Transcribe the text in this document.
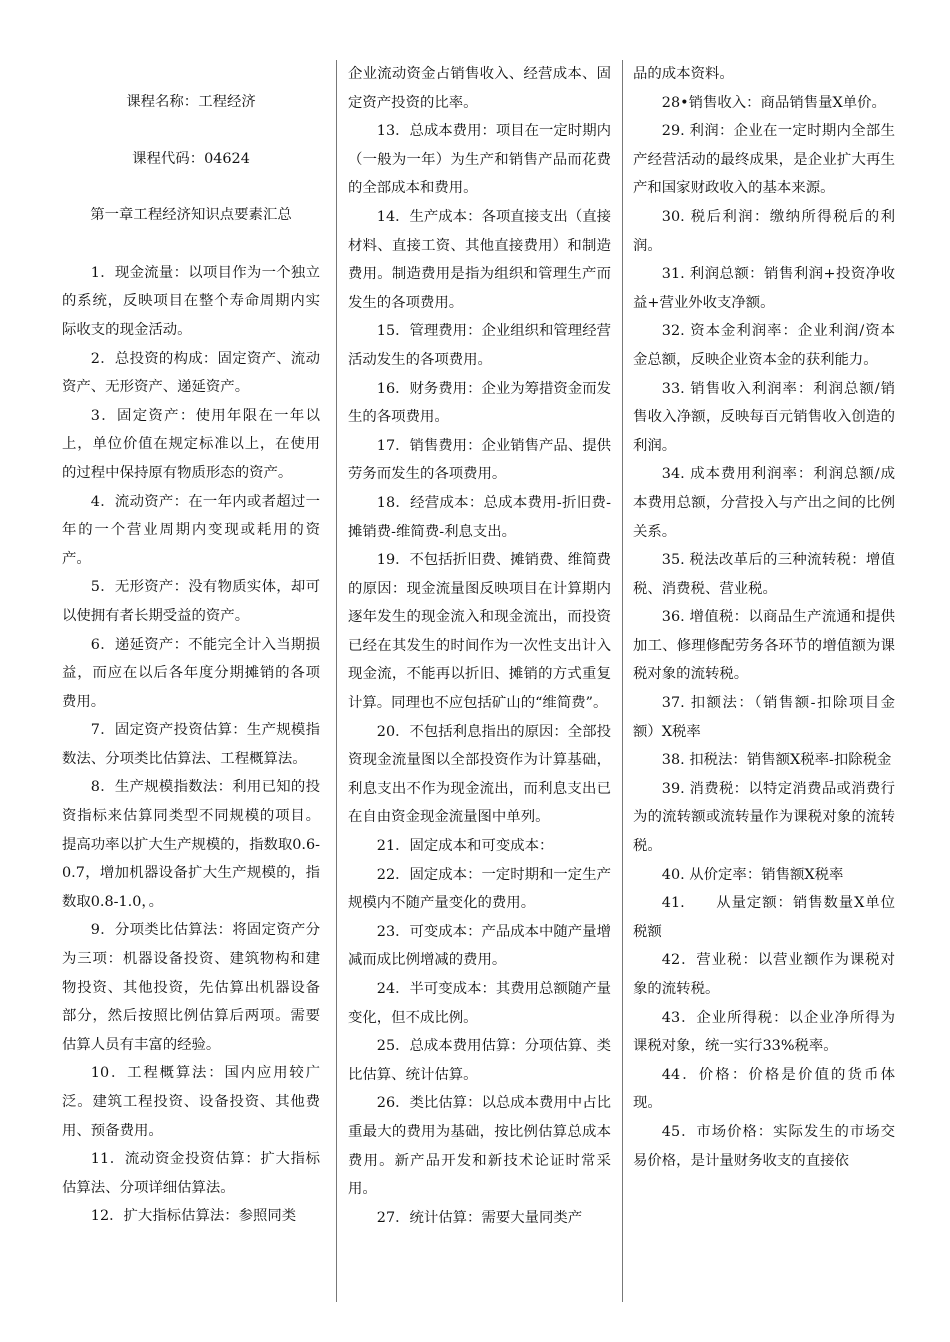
课程名称：工程经济

课程代码：04624

第一章工程经济知识点要素汇总

1．现金流量：以项目作为一个独立的系统，反映项目在整个寿命周期内实际收支的现金活动。

2．总投资的构成：固定资产、流动资产、无形资产、递延资产。

3．固定资产：使用年限在一年以上，单位价值在规定标准以上，在使用的过程中保持原有物质形态的资产。

4．流动资产：在一年内或者超过一年的一个营业周期内变现或耗用的资产。

5．无形资产：没有物质实体，却可以使拥有者长期受益的资产。

6．递延资产：不能完全计入当期损益，而应在以后各年度分期摊销的各项费用。

7．固定资产投资估算：生产规模指数法、分项类比估算法、工程概算法。

8．生产规模指数法：利用已知的投资指标来估算同类型不同规模的项目。提高功率以扩大生产规模的，指数取0.6-0.7，增加机器设备扩大生产规模的，指数取0.8-1.0，。

9．分项类比估算法：将固定资产分为三项：机器设备投资、建筑物构和建物投资、其他投资，先估算出机器设备部分，然后按照比例估算后两项。需要估算人员有丰富的经验。

10．工程概算法：国内应用较广泛。建筑工程投资、设备投资、其他费用、预备费用。

11．流动资金投资估算：扩大指标估算法、分项详细估算法。

12．扩大指标估算法：参照同类

企业流动资金占销售收入、经营成本、固定资产投资的比率。

13．总成本费用：项目在一定时期内（一般为一年）为生产和销售产品而花费的全部成本和费用。

14．生产成本：各项直接支出（直接材料、直接工资、其他直接费用）和制造费用。制造费用是指为组织和管理生产而发生的各项费用。

15．管理费用：企业组织和管理经营活动发生的各项费用。

16．财务费用：企业为筹措资金而发生的各项费用。

17．销售费用：企业销售产品、提供劳务而发生的各项费用。

18．经营成本：总成本费用-折旧费-摊销费-维简费-利息支出。

19．不包括折旧费、摊销费、维简费的原因：现金流量图反映项目在计算期内逐年发生的现金流入和现金流出，而投资已经在其发生的时间作为一次性支出计入现金流，不能再以折旧、摊销的方式重复计算。同理也不应包括矿山的“维简费”。

20．不包括利息指出的原因：全部投资现金流量图以全部投资作为计算基础，利息支出不作为现金流出，而利息支出已在自由资金现金流量图中单列。

21．固定成本和可变成本：

22．固定成本：一定时期和一定生产规模内不随产量变化的费用。

23．可变成本：产品成本中随产量增减而成比例增减的费用。

24．半可变成本：其费用总额随产量变化，但不成比例。

25．总成本费用估算：分项估算、类比估算、统计估算。

26．类比估算：以总成本费用中占比重最大的费用为基础，按比例估算总成本费用。新产品开发和新技术论证时常采用。

27．统计估算：需要大量同类产

品的成本资料。

28•销售收入：商品销售量X单价。

29. 利润：企业在一定时期内全部生产经营活动的最终成果，是企业扩大再生产和国家财政收入的基本来源。

30. 税后利润：缴纳所得税后的利润。

31. 利润总额：销售利润+投资净收益+营业外收支净额。

32. 资本金利润率：企业利润/资本金总额，反映企业资本金的获利能力。

33. 销售收入利润率：利润总额/销售收入净额，反映每百元销售收入创造的利润。

34. 成本费用利润率：利润总额/成本费用总额，分营投入与产出之间的比例关系。

35. 税法改革后的三种流转税：增值税、消费税、营业税。

36. 增值税：以商品生产流通和提供加工、修理修配劳务各环节的增值额为课税对象的流转税。

37. 扣额法：（销售额-扣除项目金额）X税率

38. 扣税法：销售额X税率-扣除税金

39. 消费税：以特定消费品或消费行为的流转额或流转量作为课税对象的流转税。

40. 从价定率：销售额X税率

41.　　从量定额：销售数量X单位税额

42．营业税：以营业额作为课税对象的流转税。

43．企业所得税：以企业净所得为课税对象，统一实行33%税率。

44．价格：价格是价值的货币体现。

45．市场价格：实际发生的市场交易价格，是计量财务收支的直接依
